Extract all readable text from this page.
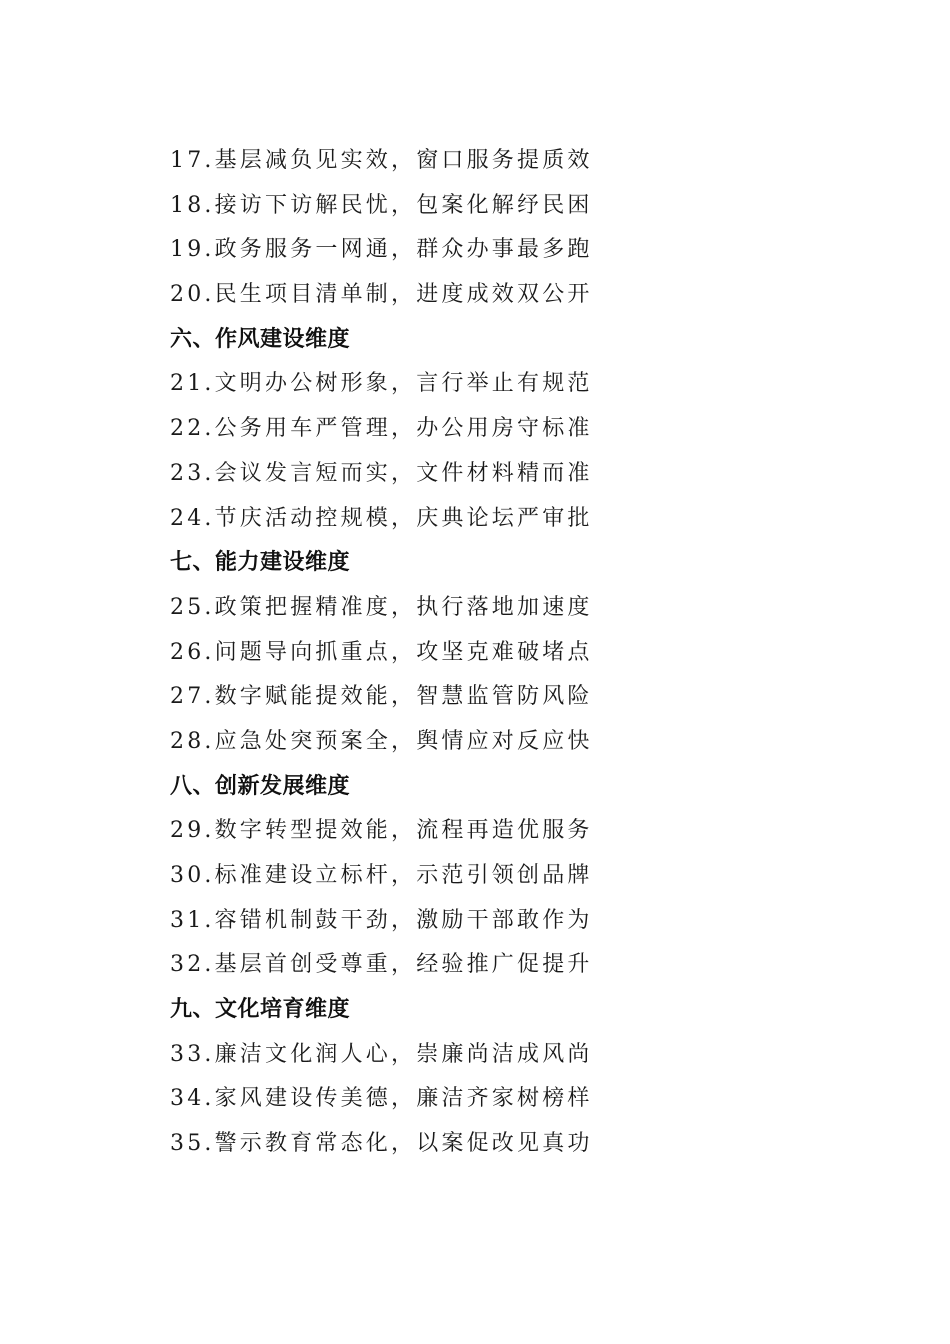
17.基层减负见实效，窗口服务提质效
18.接访下访解民忧，包案化解纾民困
19.政务服务一网通，群众办事最多跑
20.民生项目清单制，进度成效双公开
六、作风建设维度
21.文明办公树形象，言行举止有规范
22.公务用车严管理，办公用房守标准
23.会议发言短而实，文件材料精而准
24.节庆活动控规模，庆典论坛严审批
七、能力建设维度
25.政策把握精准度，执行落地加速度
26.问题导向抓重点，攻坚克难破堵点
27.数字赋能提效能，智慧监管防风险
28.应急处突预案全，舆情应对反应快
八、创新发展维度
29.数字转型提效能，流程再造优服务
30.标准建设立标杆，示范引领创品牌
31.容错机制鼓干劲，激励干部敢作为
32.基层首创受尊重，经验推广促提升
九、文化培育维度
33.廉洁文化润人心，崇廉尚洁成风尚
34.家风建设传美德，廉洁齐家树榜样
35.警示教育常态化，以案促改见真功
